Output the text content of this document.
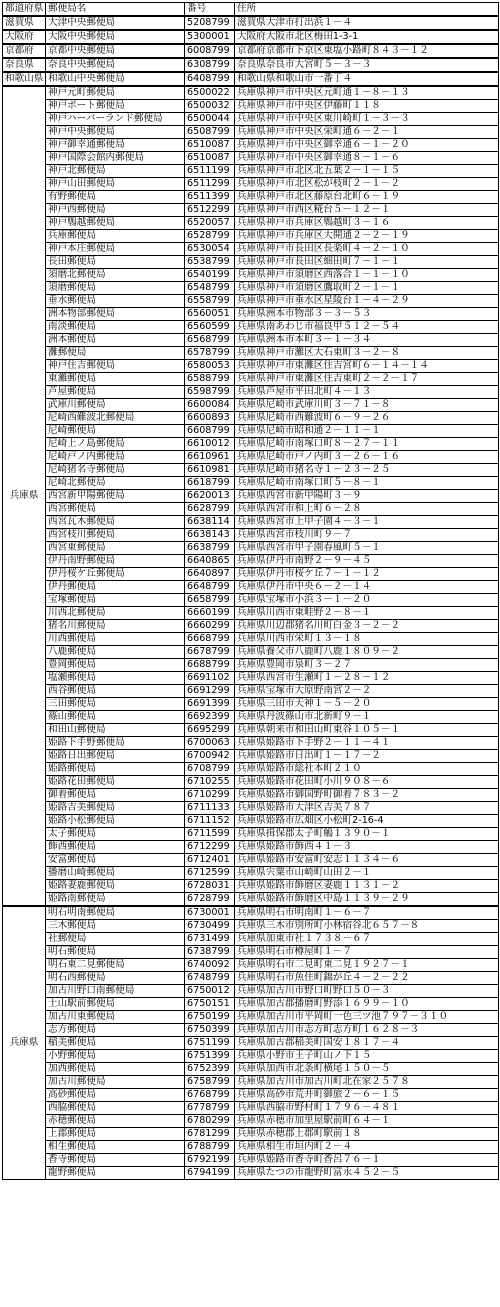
都道府県	郵便局名	番号	住所
滋賀県	大津中央郵便局	5208799	滋賀県大津市打出浜１－４
大阪府	大阪中央郵便局	5300001	大阪府大阪市北区梅田1-3-1
京都府	京都中央郵便局	6008799	京都府京都市下京区東塩小路町８４３－１２
奈良県	奈良中央郵便局	6308799	奈良県奈良市大宮町５－３－３
和歌山県	和歌山中央郵便局	6408799	和歌山県和歌山市一番丁４
兵庫県	神戸元町郵便局	6500022	兵庫県神戸市中央区元町通１－８－１３
	神戸ポート郵便局	6500032	兵庫県神戸市中央区伊藤町１１８
	神戸ハーバーランド郵便局	6500044	兵庫県神戸市中央区東川崎町１－３－３
	神戸中央郵便局	6508799	兵庫県神戸市中央区栄町通６－２－１
	神戸御幸通郵便局	6510087	兵庫県神戸市中央区御幸通６－１－２０
	神戸国際会館内郵便局	6510087	兵庫県神戸市中央区御幸通８－１－６
	神戸北郵便局	6511199	兵庫県神戸市北区北五葉２－１－１５
	神戸山田郵便局	6511299	兵庫県神戸市北区松が枝町２－１－２
	有野郵便局	6511399	兵庫県神戸市北区藤原台北町６－１９
	神戸西郵便局	6512299	兵庫県神戸市西区糀台５－１２－１
	神戸鵯越郵便局	6520057	兵庫県神戸市兵庫区鵯越町３－１６
	兵庫郵便局	6528799	兵庫県神戸市兵庫区大開通２－２－１９
	神戸本庄郵便局	6530054	兵庫県神戸市長田区長楽町４－２－１０
	長田郵便局	6538799	兵庫県神戸市長田区細田町７－１－１
	須磨北郵便局	6540199	兵庫県神戸市須磨区西落合１－１－１０
	須磨郵便局	6548799	兵庫県神戸市須磨区鷹取町２－１－１
	垂水郵便局	6558799	兵庫県神戸市垂水区星陵台１－４－２９
	洲本物部郵便局	6560051	兵庫県洲本市物部３－３－５３
	南淡郵便局	6560599	兵庫県南あわじ市福良甲５１２－５４
	洲本郵便局	6568799	兵庫県洲本市本町３－１－３４
	灘郵便局	6578799	兵庫県神戸市灘区大石東町３－２－８
	神戸住吉郵便局	6580053	兵庫県神戸市東灘区住吉宮町６－１４－１４
	東灘郵便局	6588799	兵庫県神戸市東灘区住吉東町２－２－１７
	芦屋郵便局	6598799	兵庫県芦屋市平田北町４－１３
	武庫川郵便局	6600084	兵庫県尼崎市武庫川町３－７１－８
	尼崎西難波北郵便局	6600893	兵庫県尼崎市西難波町６－９－２６
	尼崎郵便局	6608799	兵庫県尼崎市昭和通２－１１－１
	尼崎上ノ島郵便局	6610012	兵庫県尼崎市南塚口町８－２７－１１
	尼崎戸ノ内郵便局	6610961	兵庫県尼崎市戸ノ内町３－２６－１６
	尼崎猪名寺郵便局	6610981	兵庫県尼崎市猪名寺１－２３－２５
	尼崎北郵便局	6618799	兵庫県尼崎市南塚口町５－８－１
	西宮新甲陽郵便局	6620013	兵庫県西宮市新甲陽町３－９
	西宮郵便局	6628799	兵庫県西宮市和上町６－２８
	西宮瓦木郵便局	6638114	兵庫県西宮市上甲子園４－３－１
	西宮枝川郵便局	6638143	兵庫県西宮市枝川町９－７
	西宮東郵便局	6638799	兵庫県西宮市甲子園春風町５－１
	伊丹南野郵便局	6640865	兵庫県伊丹市南野２－９－４５
	伊丹桜ケ丘郵便局	6640897	兵庫県伊丹市桜ケ丘７－１－１２
	伊丹郵便局	6648799	兵庫県伊丹市中央６－２－１４
	宝塚郵便局	6658799	兵庫県宝塚市小浜３－１－２０
	川西北郵便局	6660199	兵庫県川西市東畦野２－８－１
	猪名川郵便局	6660299	兵庫県川辺郡猪名川町白金３－２－２
	川西郵便局	6668799	兵庫県川西市栄町１３－１８
	八鹿郵便局	6678799	兵庫県養父市八鹿町八鹿１８０９－２
	豊岡郵便局	6688799	兵庫県豊岡市泉町３－２７
	塩瀬郵便局	6691102	兵庫県西宮市生瀬町１－２８－１２
	西谷郵便局	6691299	兵庫県宝塚市大原野南宮２－２
	三田郵便局	6691399	兵庫県三田市天神１－５－２０
	篠山郵便局	6692399	兵庫県丹波篠山市北新町９－１
	和田山郵便局	6695299	兵庫県朝来市和田山町東谷１０５－１
	姫路下手野郵便局	6700063	兵庫県姫路市下手野２－１１－４１
	姫路日出郵便局	6700942	兵庫県姫路市日出町１－１７－２
	姫路郵便局	6708799	兵庫県姫路市総社本町２１０
	姫路花田郵便局	6710255	兵庫県姫路市花田町小川９０８－６
	御着郵便局	6710299	兵庫県姫路市御国野町御着７８３－２
	姫路吉美郵便局	6711133	兵庫県姫路市大津区吉美７８７
	姫路小松郵便局	6711152	兵庫県姫路市広畑区小松町2-16-4
	太子郵便局	6711599	兵庫県揖保郡太子町鵤１３９０－１
	飾西郵便局	6712299	兵庫県姫路市飾西４１－３
	安富郵便局	6712401	兵庫県姫路市安富町安志１１３４－６
	播磨山崎郵便局	6712599	兵庫県宍粟市山崎町山田２－１
	姫路妻鹿郵便局	6728031	兵庫県姫路市飾磨区妻鹿１１３１－２
	姫路南郵便局	6728799	兵庫県姫路市飾磨区中島１１３９－２９
兵庫県	明石明南郵便局	6730001	兵庫県明石市明南町１－６－７
	三木郵便局	6730499	兵庫県三木市別所町小林宿谷北６５７－８
	社郵便局	6731499	兵庫県加東市社１７３８－６７
	明石郵便局	6738799	兵庫県明石市樽屋町１－７
	明石東二見郵便局	6740092	兵庫県明石市二見町東二見１９２７－１
	明石西郵便局	6748799	兵庫県明石市魚住町錦が丘４－２－２２
	加古川野口南郵便局	6750012	兵庫県加古川市野口町野口５０－３
	土山駅前郵便局	6750151	兵庫県加古郡播磨町野添１６９９－１０
	加古川東郵便局	6750199	兵庫県加古川市平岡町一色三ツ池７９７－３１０
	志方郵便局	6750399	兵庫県加古川市志方町志方町１６２８－３
	稲美郵便局	6751199	兵庫県加古郡稲美町国安１８１７－４
	小野郵便局	6751399	兵庫県小野市王子町山ノ下１５
	加西郵便局	6752399	兵庫県加西市北条町横尾１５０－５
	加古川郵便局	6758799	兵庫県加古川市加古川町北在家２５７８
	高砂郵便局	6768799	兵庫県高砂市荒井町御旅２－６－１５
	西脇郵便局	6778799	兵庫県西脇市野村町１７９６－４８１
	赤穂郵便局	6780299	兵庫県赤穂市加里屋駅前町６４－１
	上郡郵便局	6781299	兵庫県赤穂郡上郡町駅前１８
	相生郵便局	6788799	兵庫県相生市垣内町２－４
	香寺郵便局	6792199	兵庫県姫路市香寺町香呂７６－１
	龍野郵便局	6794199	兵庫県たつの市龍野町富永４５２－５
